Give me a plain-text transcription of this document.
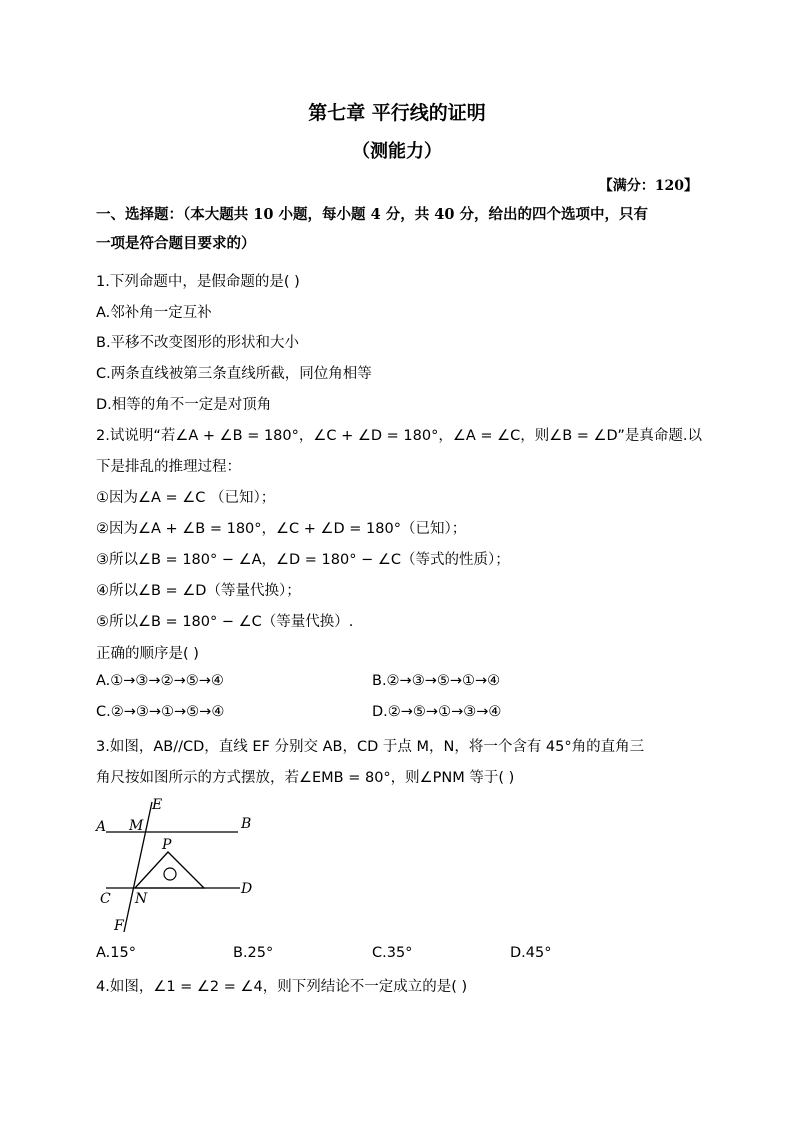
第七章 平行线的证明
（测能力）
【满分：120】
一、选择题：（本大题共 10 小题，每小题 4 分，共 40 分，给出的四个选项中，只有
一项是符合题目要求的）
1.下列命题中，是假命题的是( )
A.邻补角一定互补
B.平移不改变图形的形状和大小
C.两条直线被第三条直线所截，同位角相等
D.相等的角不一定是对顶角
2.试说明“若∠A + ∠B = 180°，∠C + ∠D = 180°，∠A = ∠C，则∠B = ∠D”是真命题.以
下是排乱的推理过程：
①因为∠A = ∠C （已知）；
②因为∠A + ∠B = 180°，∠C + ∠D = 180°（已知）；
③所以∠B = 180° − ∠A，∠D = 180° − ∠C（等式的性质）；
④所以∠B = ∠D（等量代换）；
⑤所以∠B = 180° − ∠C（等量代换）.
正确的顺序是( )
A.①→③→②→⑤→④	B.②→③→⑤→①→④
C.②→③→①→⑤→④	D.②→⑤→①→③→④
3.如图，AB//CD，直线 EF 分别交 AB，CD 于点 M，N，将一个含有 45°角的直角三
角尺按如图所示的方式摆放，若∠EMB = 80°，则∠PNM 等于( )
E
A M	B
P
C N
D
F
A.15°	B.25°	C.35°	D.45°
4.如图，∠1 = ∠2 = ∠4，则下列结论不一定成立的是( )
